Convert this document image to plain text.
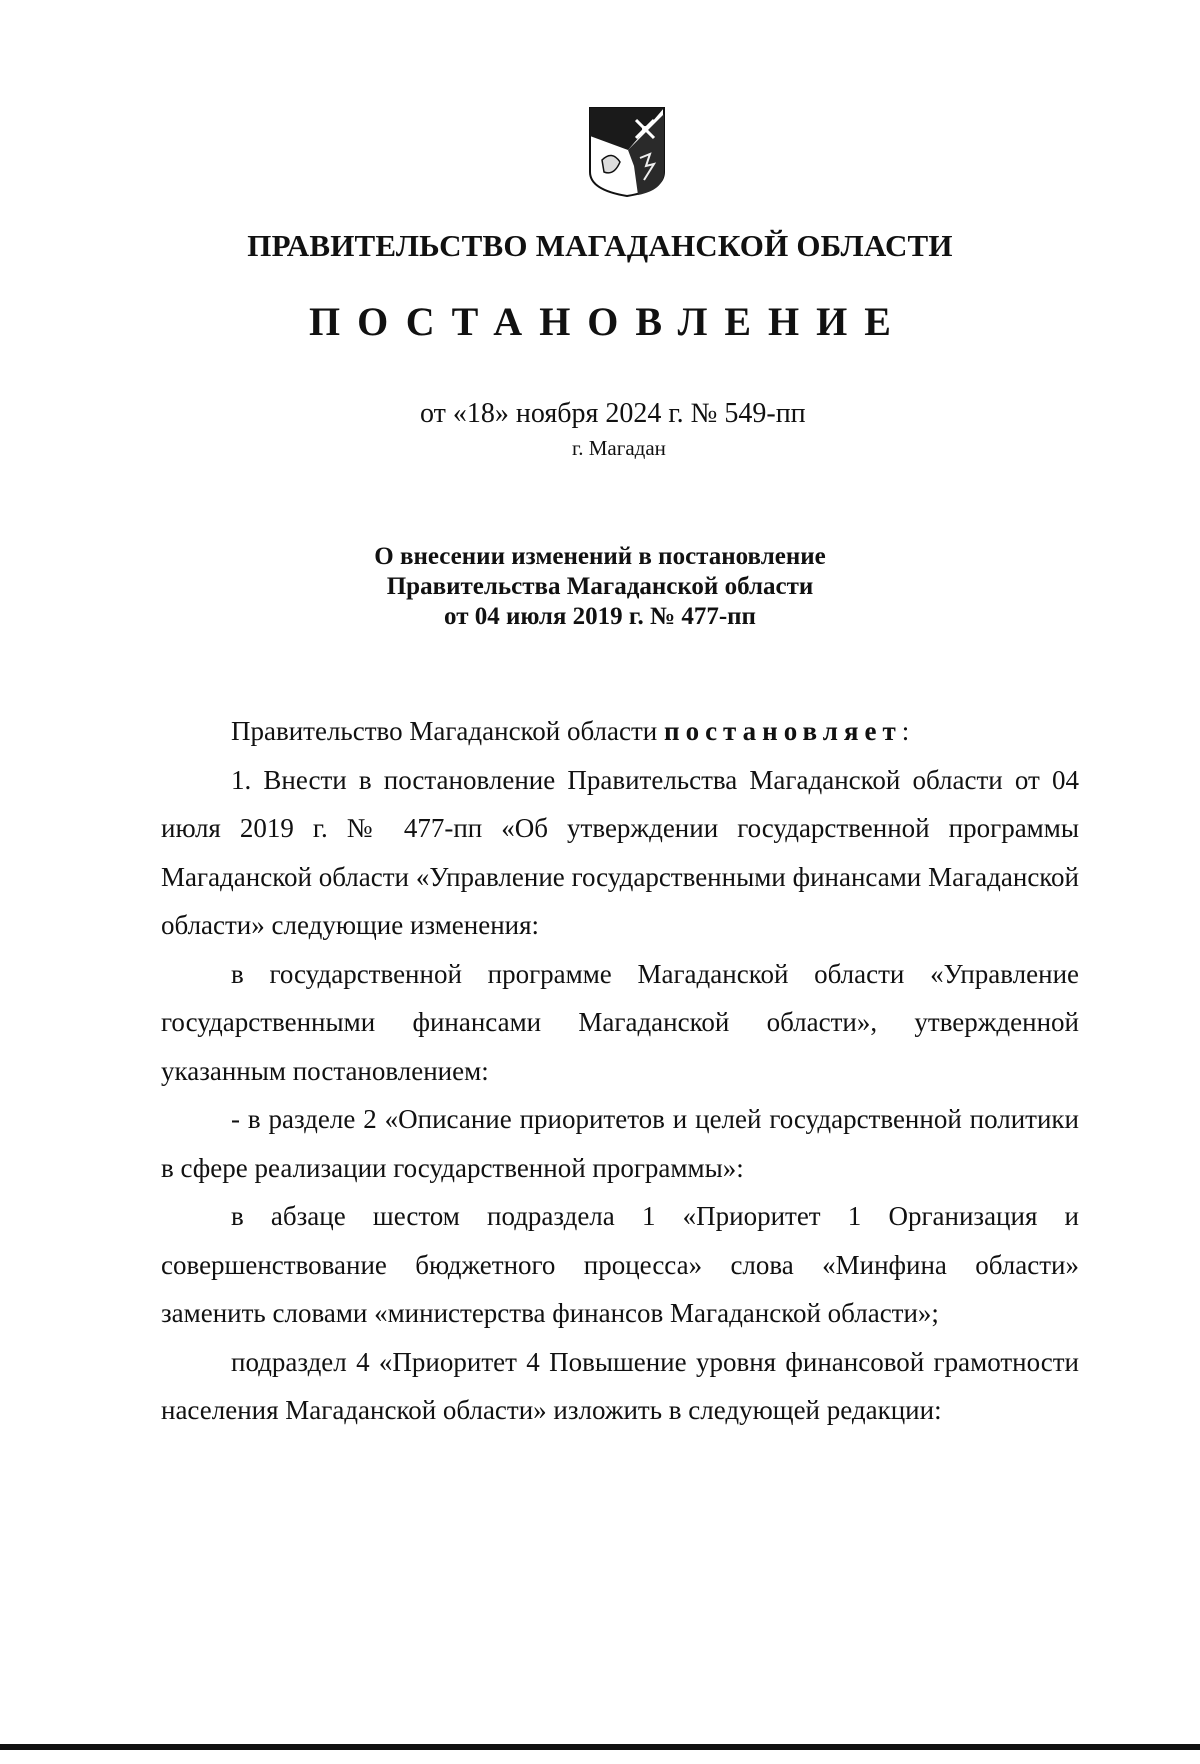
ПРАВИТЕЛЬСТВО МАГАДАНСКОЙ ОБЛАСТИ
ПОСТАНОВЛЕНИЕ
от «18» ноября 2024 г. № 549-пп
г. Магадан
О внесении изменений в постановление
Правительства Магаданской области
от 04 июля 2019 г. № 477-пп

Правительство Магаданской области постановляет:

1. Внести в постановление Правительства Магаданской области от 04 июля 2019 г. № 477-пп «Об утверждении государственной программы Магаданской области «Управление государственными финансами Магаданской области» следующие изменения:

в государственной программе Магаданской области «Управление государственными финансами Магаданской области», утвержденной указанным постановлением:

- в разделе 2 «Описание приоритетов и целей государственной политики в сфере реализации государственной программы»:

в абзаце шестом подраздела 1 «Приоритет 1 Организация и совершенствование бюджетного процесса» слова «Минфина области» заменить словами «министерства финансов Магаданской области»;

подраздел 4 «Приоритет 4 Повышение уровня финансовой грамотности населения Магаданской области» изложить в следующей редакции:
